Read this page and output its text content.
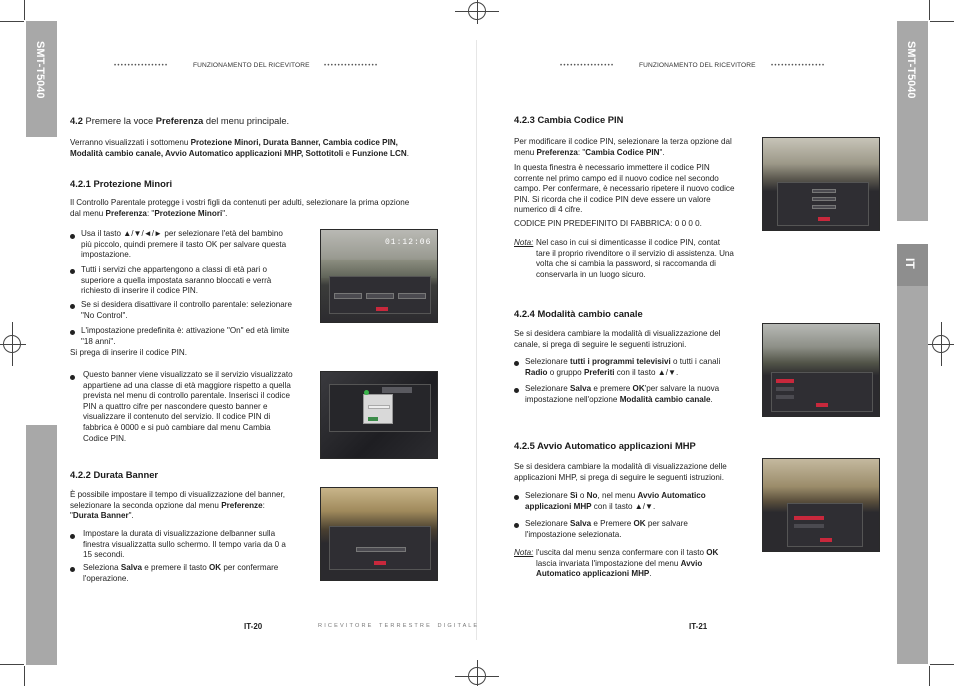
SMT-T5040	SMT-T5040
IT
••••••••••••••••	FUNZIONAMENTO DEL RICEVITORE ••••••••••••••••	••••••••••••••••	FUNZIONAMENTO DEL RICEVITORE	••••••••••••••••
4.2 Premere la voce Preferenza del menu principale.
Verranno visualizzati i sottomenu Protezione Minori, Durata Banner, Cambia codice PIN,
Modalità cambio canale, Avvio Automatico applicazioni MHP, Sottotitoli e Funzione LCN.
4.2.1 Protezione Minori
Il Controllo Parentale protegge i vostri figli da contenuti per adulti, selezionare la prima opzione
dal menu Preferenza: "Protezione Minori".
Usa il tasto ▲/▼/◄/► per selezionare l'età del bambino
più piccolo, quindi premere il tasto OK per salvare questa
impostazione.
Tutti i servizi che appartengono a classi di età pari o
superiore a quella impostata saranno bloccati e verrà
richiesto di inserire il codice PIN.
Se si desidera disattivare il controllo parentale: selezionare
"No Control".
L'impostazione predefinita è: attivazione "On" ed età limite
"18 anni".
Si prega di inserire il codice PIN.
Questo banner viene visualizzato se il servizio visualizzato
appartiene ad una classe di età maggiore rispetto a quella
prevista nel menu di controllo parentale. Inserisci il codice
PIN a quattro cifre per nascondere questo banner e
visualizzare il contenuto del servizio. Il codice PIN di
fabbrica è 0000 e si può cambiare dal menu Cambia
Codice PIN.
4.2.2 Durata Banner
È possibile impostare il tempo di visualizzazione del banner,
selezionare la seconda opzione dal menu Preferenze:
"Durata Banner".
Impostare la durata di visualizzazione delbanner sulla
finestra visualizzatta sullo schermo. Il tempo varia da 0 a
15 secondi.
Seleziona Salva e premere il tasto OK per confermare
l'operazione.
IT-20	R I C E V I T O R E    T E R R E S T R E    D I G I T A L E
01:12:06
4.2.3 Cambia Codice PIN
Per modificare il codice PIN, selezionare la terza opzione dal
menu Preferenza: "Cambia Codice PIN".
In questa finestra è necessario immettere il codice PIN
corrente nel primo campo ed il nuovo codice nel secondo
campo. Per confermare, è necessario ripetere il nuovo codice
PIN. Si ricorda che il codice PIN deve essere un valore
numerico di 4 cifre.
CODICE PIN PREDEFINITO DI FABBRICA: 0 0 0 0.
Nota: Nel caso in cui si dimenticasse il codice PIN, contat
tare il proprio rivenditore o il servizio di assistenza. Una
volta che si cambia la password, si raccomanda di
conservarla in un luogo sicuro.
4.2.4 Modalità cambio canale
Se si desidera cambiare la modalità di visualizzazione del
canale, si prega di seguire le seguenti istruzioni.
Selezionare tutti i programmi televisivi o tutti i canali
Radio o gruppo Preferiti con il tasto ▲/▼.
Selezionare Salva e premere OK'per salvare la nuova
impostazione nell'opzione Modalità cambio canale.
4.2.5 Avvio Automatico applicazioni MHP
Se si desidera cambiare la modalità di visualizzazione delle
applicazioni MHP, si prega di seguire le seguenti istruzioni.
Selezionare Sì o No, nel menu Avvio Automatico
applicazioni MHP con il tasto ▲/▼.
Selezionare Salva e Premere OK per salvare
l'impostazione selezionata.
Nota: l'uscita dal menu senza confermare con il tasto OK
lascia invariata l'impostazione del menu Avvio
Automatico applicazioni MHP.
IT-21
